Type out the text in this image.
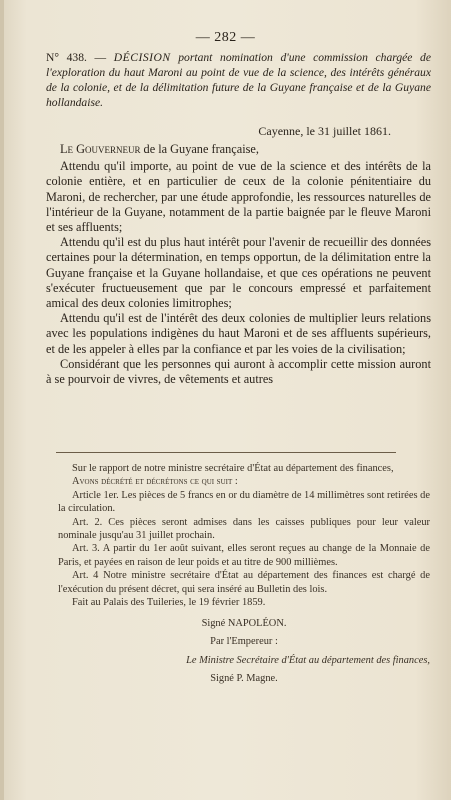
— 282 —
N° 438. — DÉCISION portant nomination d'une commission chargée de l'exploration du haut Maroni au point de vue de la science, des intérêts généraux de la colonie, et de la délimitation future de la Guyane française et de la Guyane hollandaise.
Cayenne, le 31 juillet 1861.

Le Gouverneur de la Guyane française,

Attendu qu'il importe, au point de vue de la science et des intérêts de la colonie entière, et en particulier de ceux de la colonie pénitentiaire du Maroni, de rechercher, par une étude approfondie, les ressources naturelles de l'intérieur de la Guyane, notamment de la partie baignée par le fleuve Maroni et ses affluents;

Attendu qu'il est du plus haut intérêt pour l'avenir de recueillir des données certaines pour la détermination, en temps opportun, de la délimitation entre la Guyane française et la Guyane hollandaise, et que ces opérations ne peuvent s'exécuter fructueusement que par le concours empressé et parfaitement amical des deux colonies limitrophes;

Attendu qu'il est de l'intérêt des deux colonies de multiplier leurs relations avec les populations indigènes du haut Maroni et de ses affluents supérieurs, et de les appeler à elles par la confiance et par les voies de la civilisation;

Considérant que les personnes qui auront à accomplir cette mission auront à se pourvoir de vivres, de vêtements et autres

Sur le rapport de notre ministre secrétaire d'État au département des finances,

Avons décrété et décrétons ce qui suit :

Article 1er. Les pièces de 5 francs en or du diamètre de 14 millimètres sont retirées de la circulation.

Art. 2. Ces pièces seront admises dans les caisses publiques pour leur valeur nominale jusqu'au 31 juillet prochain.

Art. 3. A partir du 1er août suivant, elles seront reçues au change de la Monnaie de Paris, et payées en raison de leur poids et au titre de 900 millièmes.

Art. 4 Notre ministre secrétaire d'État au département des finances est chargé de l'exécution du présent décret, qui sera inséré au Bulletin des lois.

Fait au Palais des Tuileries, le 19 février 1859.

Signé NAPOLÉON.

Par l'Empereur :

Le Ministre Secrétaire d'État au département des finances,

Signé P. Magne.
